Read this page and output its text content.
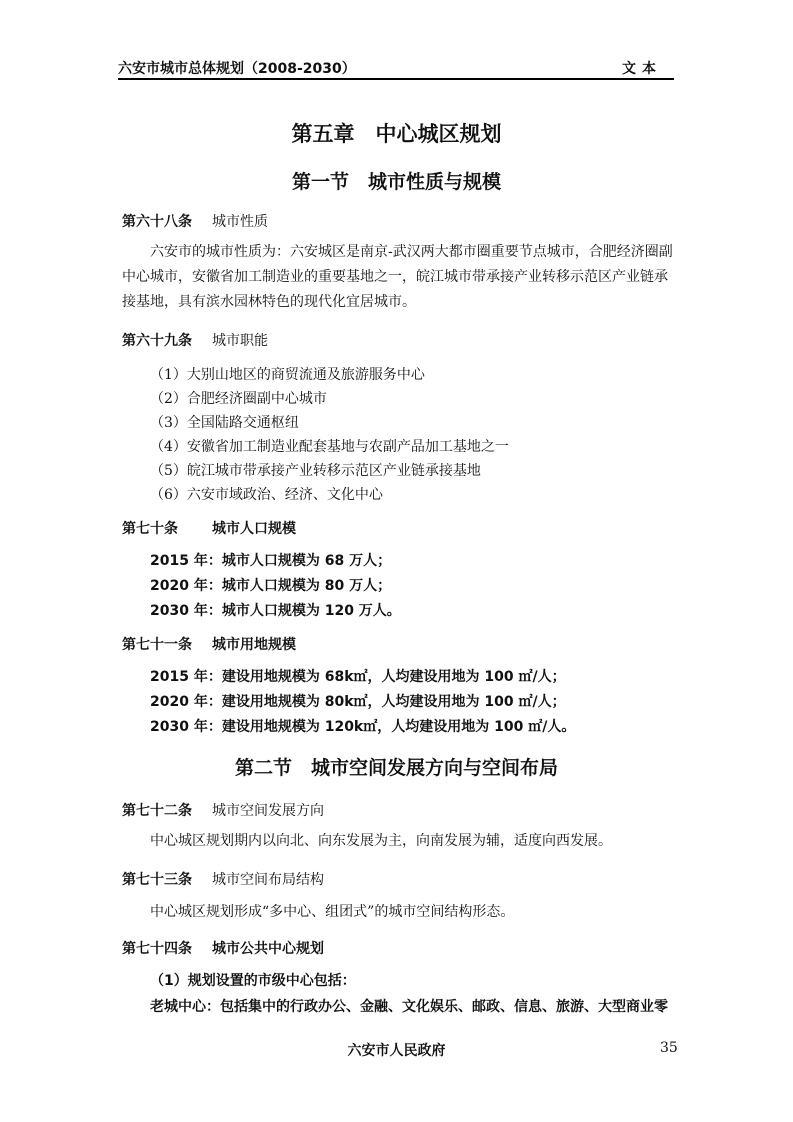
六安市城市总体规划（2008-2030）	文本
第五章　中心城区规划
第一节　城市性质与规模
第六十八条 城市性质
六安市的城市性质为：六安城区是南京-武汉两大都市圈重要节点城市，合肥经济圈副中心城市，安徽省加工制造业的重要基地之一，皖江城市带承接产业转移示范区产业链承接基地，具有滨水园林特色的现代化宜居城市。
第六十九条 城市职能
（1）大别山地区的商贸流通及旅游服务中心
（2）合肥经济圈副中心城市
（3）全国陆路交通枢纽
（4）安徽省加工制造业配套基地与农副产品加工基地之一
（5）皖江城市带承接产业转移示范区产业链承接基地
（6）六安市域政治、经济、文化中心
第七十条 城市人口规模
2015 年：城市人口规模为 68 万人；
2020 年：城市人口规模为 80 万人；
2030 年：城市人口规模为 120 万人。
第七十一条 城市用地规模
2015 年：建设用地规模为 68k㎡，人均建设用地为 100 ㎡/人；
2020 年：建设用地规模为 80k㎡，人均建设用地为 100 ㎡/人；
2030 年：建设用地规模为 120k㎡，人均建设用地为 100 ㎡/人。
第二节　城市空间发展方向与空间布局
第七十二条 城市空间发展方向
中心城区规划期内以向北、向东发展为主，向南发展为辅，适度向西发展。
第七十三条 城市空间布局结构
中心城区规划形成“多中心、组团式”的城市空间结构形态。
第七十四条 城市公共中心规划
（1）规划设置的市级中心包括：
老城中心：包括集中的行政办公、金融、文化娱乐、邮政、信息、旅游、大型商业零
六安市人民政府	35
